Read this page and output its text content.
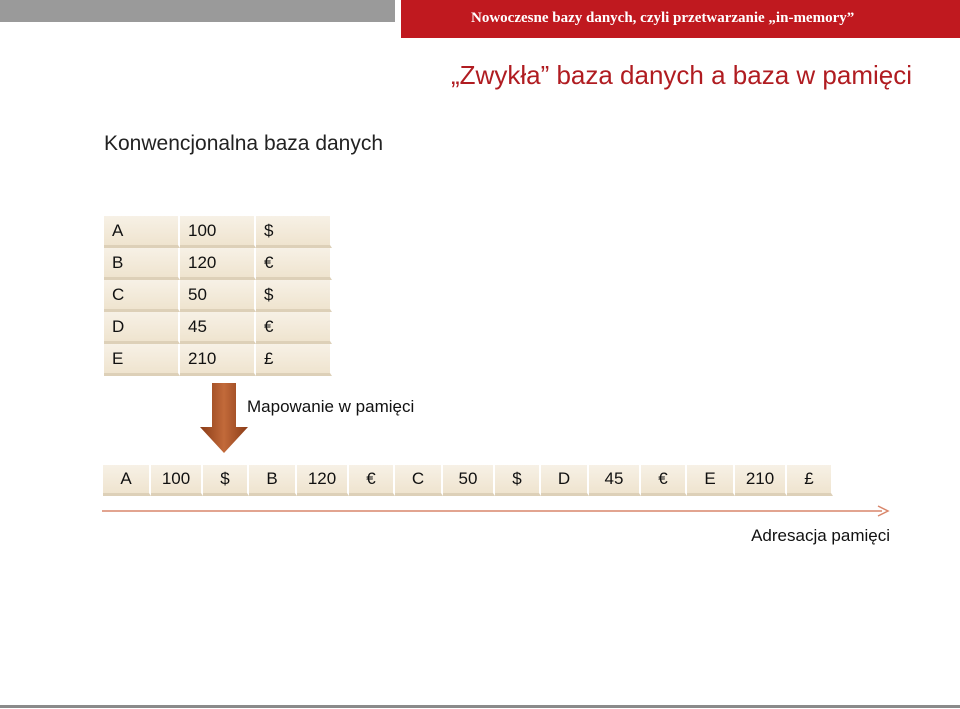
Nowoczesne bazy danych, czyli przetwarzanie „in-memory”
„Zwykła” baza danych a baza w pamięci
Konwencjonalna baza danych
A	100	$
B	120	€
C	50	$
D	45	€
E	210	£
Mapowanie w pamięci
A	100	$	B	120	€	C	50	$	D	45	€	E	210	£
Adresacja pamięci
